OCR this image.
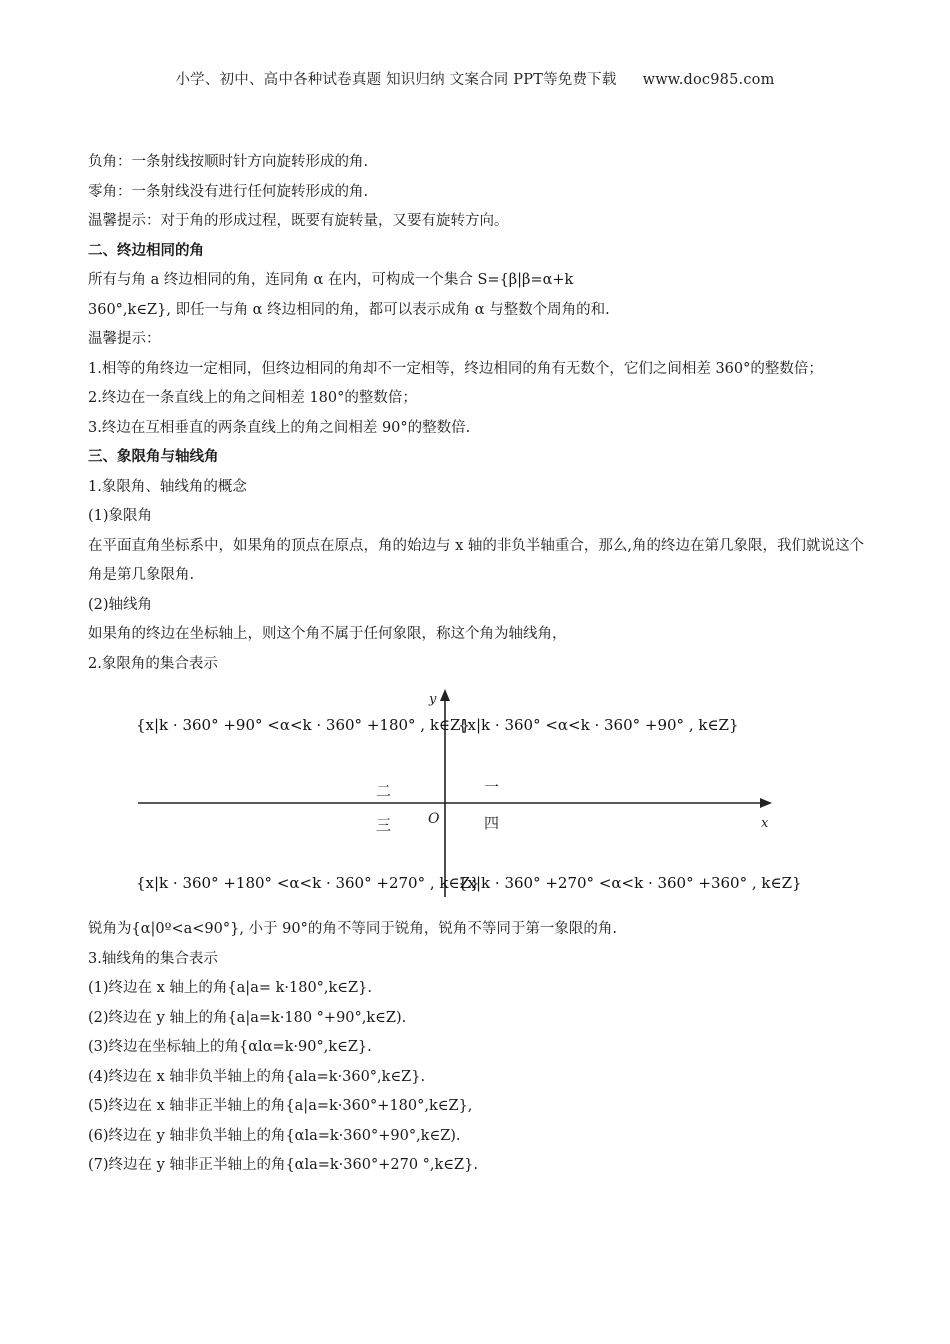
小学、初中、高中各种试卷真题 知识归纳 文案合同 PPT等免费下载 www.doc985.com

负角：一条射线按顺时针方向旋转形成的角.

零角：一条射线没有进行任何旋转形成的角.

温馨提示：对于角的形成过程，既要有旋转量，又要有旋转方向。

二、终边相同的角

所有与角 a 终边相同的角，连同角 α 在内，可构成一个集合 S={β|β=α+k

360°,k∈Z}, 即任一与角 α 终边相同的角，都可以表示成角 α 与整数个周角的和.

温馨提示：

1.相等的角终边一定相同，但终边相同的角却不一定相等，终边相同的角有无数个，它们之间相差 360°的整数倍；

2.终边在一条直线上的角之间相差 180°的整数倍；

3.终边在互相垂直的两条直线上的角之间相差 90°的整数倍.

三、象限角与轴线角

1.象限角、轴线角的概念

(1)象限角

在平面直角坐标系中，如果角的顶点在原点，角的始边与 x 轴的非负半轴重合，那么,角的终边在第几象限，我们就说这个角是第几象限角.

(2)轴线角

如果角的终边在坐标轴上，则这个角不属于任何象限，称这个角为轴线角，

2.象限角的集合表示

y
x
O
{x|k · 360° +90° <α<k · 360° +180° , k∈Z}
{x|k · 360° <α<k · 360° +90° , k∈Z}
{x|k · 360° +180° <α<k · 360° +270° , k∈Z}
{x|k · 360° +270° <α<k · 360° +360° , k∈Z}
二	一
三	四

锐角为{α|0º<a<90°}, 小于 90°的角不等同于锐角，锐角不等同于第一象限的角.

3.轴线角的集合表示

(1)终边在 x 轴上的角{a|a= k·180°,k∈Z}.

(2)终边在 y 轴上的角{a|a=k·180 °+90°,k∈Z).

(3)终边在坐标轴上的角{αlα=k·90°,k∈Z}.

(4)终边在 x 轴非负半轴上的角{ala=k·360°,k∈Z}.

(5)终边在 x 轴非正半轴上的角{a|a=k·360°+180°,k∈Z},

(6)终边在 y 轴非负半轴上的角{αla=k·360°+90°,k∈Z).

(7)终边在 y 轴非正半轴上的角{αla=k·360°+270 °,k∈Z}.
